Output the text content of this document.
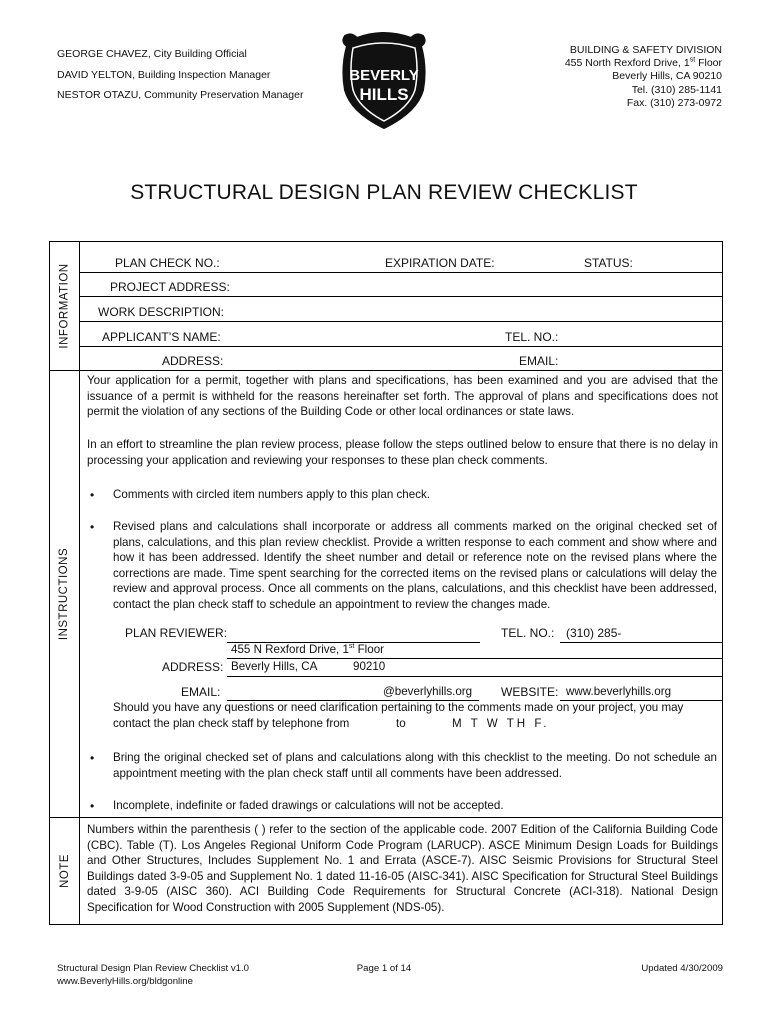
GEORGE CHAVEZ, City Building Official
DAVID YELTON, Building Inspection Manager
NESTOR OTAZU, Community Preservation Manager
BEVERLY
HILLS
BUILDING & SAFETY DIVISION
455 North Rexford Drive, 1st Floor
Beverly Hills, CA 90210
Tel. (310) 285-1141
Fax. (310) 273-0972
STRUCTURAL DESIGN PLAN REVIEW CHECKLIST
INFORMATION
INSTRUCTIONS
NOTE
PLAN CHECK NO.:	EXPIRATION DATE:	STATUS:
PROJECT ADDRESS:
WORK DESCRIPTION:
APPLICANT’S NAME:	TEL. NO.:
ADDRESS:	EMAIL:
Your application for a permit, together with plans and specifications, has been examined and you are advised that the issuance of a permit is withheld for the reasons hereinafter set forth. The approval of plans and specifications does not permit the violation of any sections of the Building Code or other local ordinances or state laws.
In an effort to streamline the plan review process, please follow the steps outlined below to ensure that there is no delay in processing your application and reviewing your responses to these plan check comments.
• Comments with circled item numbers apply to this plan check.
• Revised plans and calculations shall incorporate or address all comments marked on the original checked set of plans, calculations, and this plan review checklist. Provide a written response to each comment and show where and how it has been addressed. Identify the sheet number and detail or reference note on the revised plans where the corrections are made. Time spent searching for the corrected items on the revised plans or calculations will delay the review and approval process. Once all comments on the plans, calculations, and this checklist have been addressed, contact the plan check staff to schedule an appointment to review the changes made.
PLAN REVIEWER:	TEL. NO.: (310) 285-
455 N Rexford Drive, 1st Floor
ADDRESS: Beverly Hills, CA	90210
EMAIL:	@beverlyhills.org WEBSITE: www.beverlyhills.org
Should you have any questions or need clarification pertaining to the comments made on your project, you may
contact the plan check staff by telephone from	to	M T W TH F.
• Bring the original checked set of plans and calculations along with this checklist to the meeting. Do not schedule an appointment meeting with the plan check staff until all comments have been addressed.
• Incomplete, indefinite or faded drawings or calculations will not be accepted.
Numbers within the parenthesis ( ) refer to the section of the applicable code. 2007 Edition of the California Building Code (CBC). Table (T). Los Angeles Regional Uniform Code Program (LARUCP). ASCE Minimum Design Loads for Buildings and Other Structures, Includes Supplement No. 1 and Errata (ASCE-7). AISC Seismic Provisions for Structural Steel Buildings dated 3-9-05 and Supplement No. 1 dated 11-16-05 (AISC-341). AISC Specification for Structural Steel Buildings dated 3-9-05 (AISC 360). ACI Building Code Requirements for Structural Concrete (ACI-318). National Design Specification for Wood Construction with 2005 Supplement (NDS-05).
Structural Design Plan Review Checklist v1.0
www.BeverlyHills.org/bldgonline
Page 1 of 14	Updated 4/30/2009
